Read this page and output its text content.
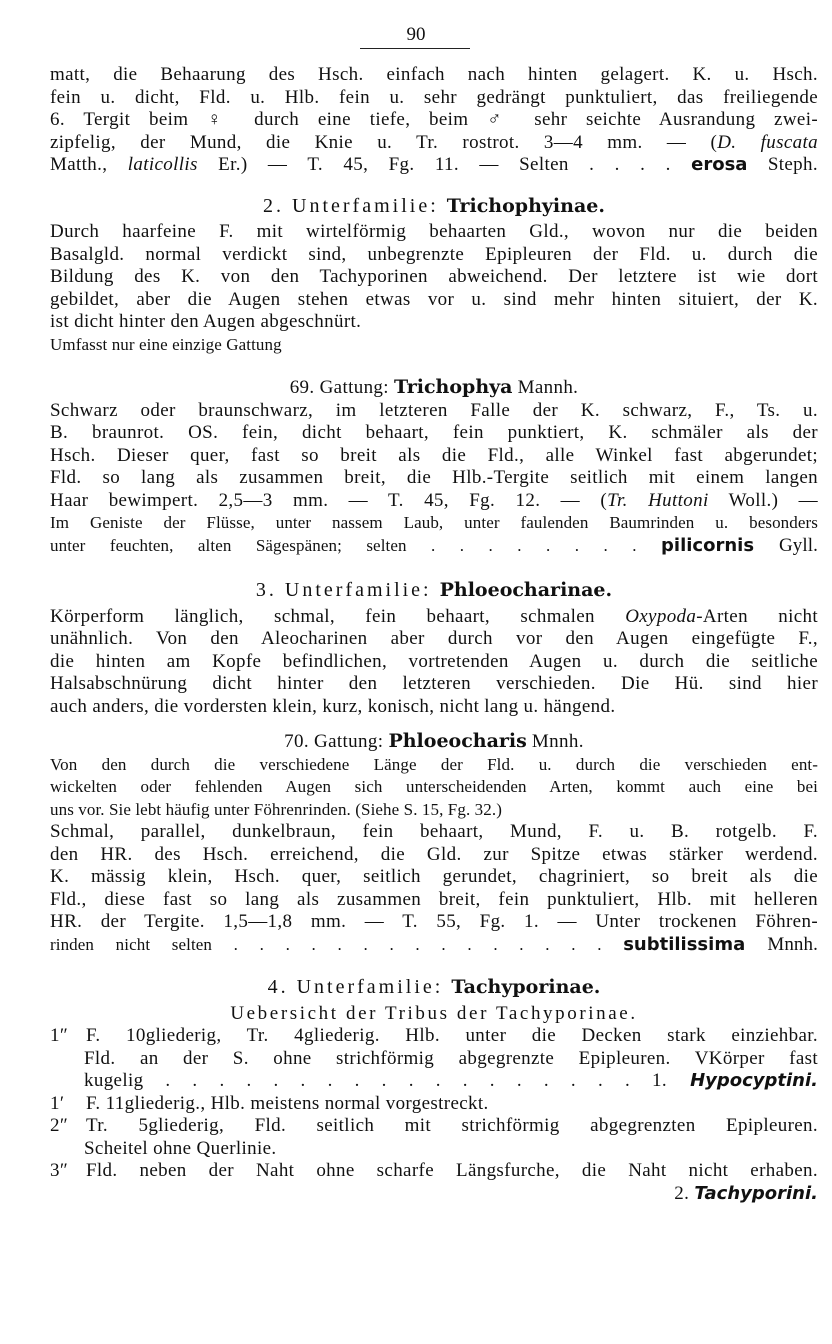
90
matt, die Behaarung des Hsch. einfach nach hinten gelagert. K. u. Hsch.
fein u. dicht, Fld. u. Hlb. fein u. sehr gedrängt punktuliert, das freiliegende
6. Tergit beim ♀ durch eine tiefe, beim ♂ sehr seichte Ausrandung zwei-
zipfelig, der Mund, die Knie u. Tr. rostrot. 3—4 mm. — (D. fuscata
Matth., laticollis Er.) — T. 45, Fg. 11. — Selten . . . . erosa Steph.
2. Unterfamilie: Trichophyinae.
Durch haarfeine F. mit wirtelförmig behaarten Gld., wovon nur die beiden
Basalgld. normal verdickt sind, unbegrenzte Epipleuren der Fld. u. durch die
Bildung des K. von den Tachyporinen abweichend. Der letztere ist wie dort
gebildet, aber die Augen stehen etwas vor u. sind mehr hinten situiert, der K.
ist dicht hinter den Augen abgeschnürt.
Umfasst nur eine einzige Gattung
69. Gattung: Trichophya Mannh.
Schwarz oder braunschwarz, im letzteren Falle der K. schwarz, F., Ts. u.
B. braunrot. OS. fein, dicht behaart, fein punktiert, K. schmäler als der
Hsch. Dieser quer, fast so breit als die Fld., alle Winkel fast abgerundet;
Fld. so lang als zusammen breit, die Hlb.-Tergite seitlich mit einem langen
Haar bewimpert. 2,5—3 mm. — T. 45, Fg. 12. — (Tr. Huttoni Woll.) —
Im Geniste der Flüsse, unter nassem Laub, unter faulenden Baumrinden u. besonders
unter feuchten, alten Sägespänen; selten . . . . . . . . pilicornis Gyll.
3. Unterfamilie: Phloeocharinae.
Körperform länglich, schmal, fein behaart, schmalen Oxypoda-Arten nicht
unähnlich. Von den Aleocharinen aber durch vor den Augen eingefügte F.,
die hinten am Kopfe befindlichen, vortretenden Augen u. durch die seitliche
Halsabschnürung dicht hinter den letzteren verschieden. Die Hü. sind hier
auch anders, die vordersten klein, kurz, konisch, nicht lang u. hängend.
70. Gattung: Phloeocharis Mnnh.
Von den durch die verschiedene Länge der Fld. u. durch die verschieden ent-
wickelten oder fehlenden Augen sich unterscheidenden Arten, kommt auch eine bei
uns vor. Sie lebt häufig unter Föhrenrinden. (Siehe S. 15, Fg. 32.)
Schmal, parallel, dunkelbraun, fein behaart, Mund, F. u. B. rotgelb. F.
den HR. des Hsch. erreichend, die Gld. zur Spitze etwas stärker werdend.
K. mässig klein, Hsch. quer, seitlich gerundet, chagriniert, so breit als die
Fld., diese fast so lang als zusammen breit, fein punktuliert, Hlb. mit helleren
HR. der Tergite. 1,5—1,8 mm. — T. 55, Fg. 1. — Unter trockenen Föhren-
rinden nicht selten . . . . . . . . . . . . . . . subtilissima Mnnh.
4. Unterfamilie: Tachyporinae.
Uebersicht der Tribus der Tachyporinae.
1″ F. 10gliederig, Tr. 4gliederig. Hlb. unter die Decken stark einziehbar.
Fld. an der S. ohne strichförmig abgegrenzte Epipleuren. VKörper fast
kugelig . . . . . . . . . . . . . . . . . . 1. Hypocyptini.
1′ F. 11gliederig., Hlb. meistens normal vorgestreckt.
2″ Tr. 5gliederig, Fld. seitlich mit strichförmig abgegrenzten Epipleuren.
Scheitel ohne Querlinie.
3″ Fld. neben der Naht ohne scharfe Längsfurche, die Naht nicht erhaben.
2. Tachyporini.
